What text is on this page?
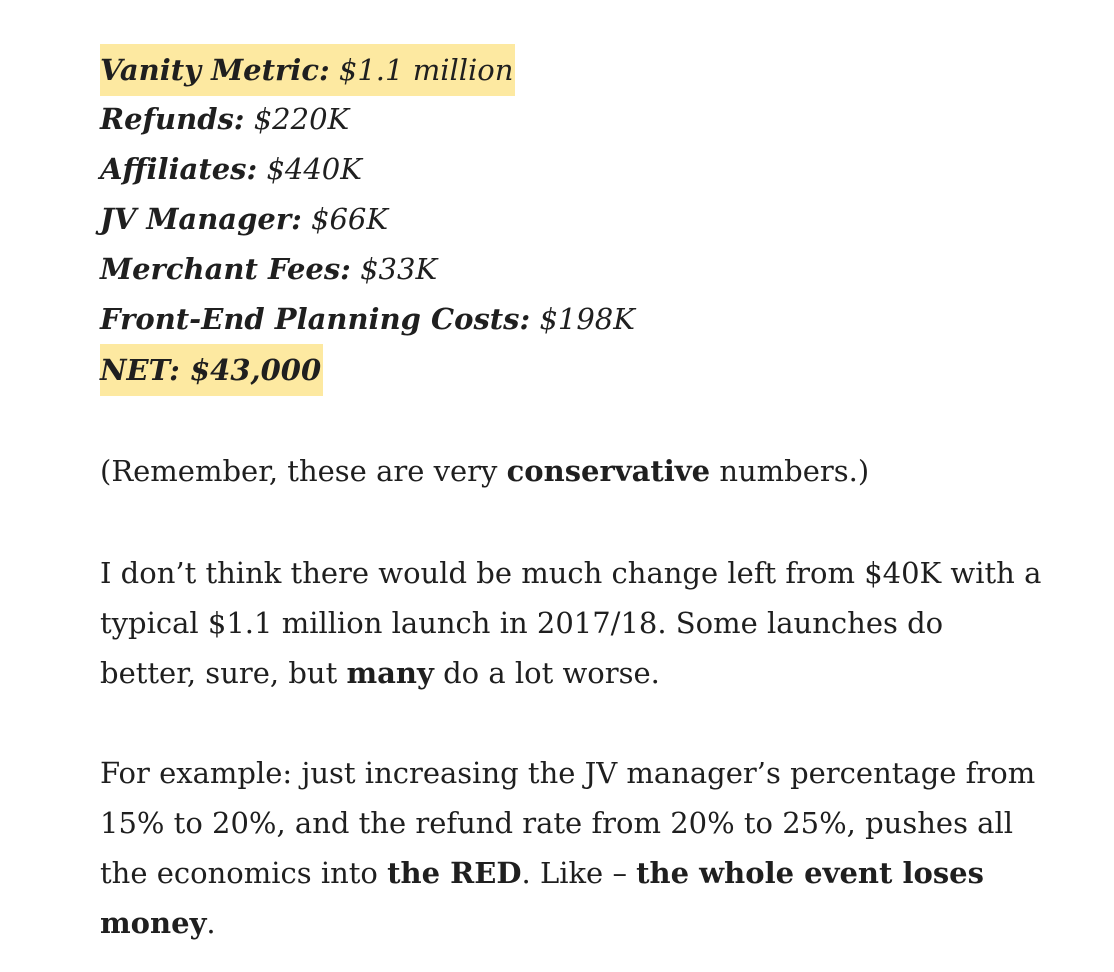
Vanity Metric: $1.1 million
Refunds: $220K
Affiliates: $440K
JV Manager: $66K
Merchant Fees: $33K
Front-End Planning Costs: $198K
NET: $43,000

(Remember, these are very conservative numbers.)

I don’t think there would be much change left from $40K with a
typical $1.1 million launch in 2017/18. Some launches do
better, sure, but many do a lot worse.

For example: just increasing the JV manager’s percentage from
15% to 20%, and the refund rate from 20% to 25%, pushes all
the economics into the RED. Like – the whole event loses
money.
